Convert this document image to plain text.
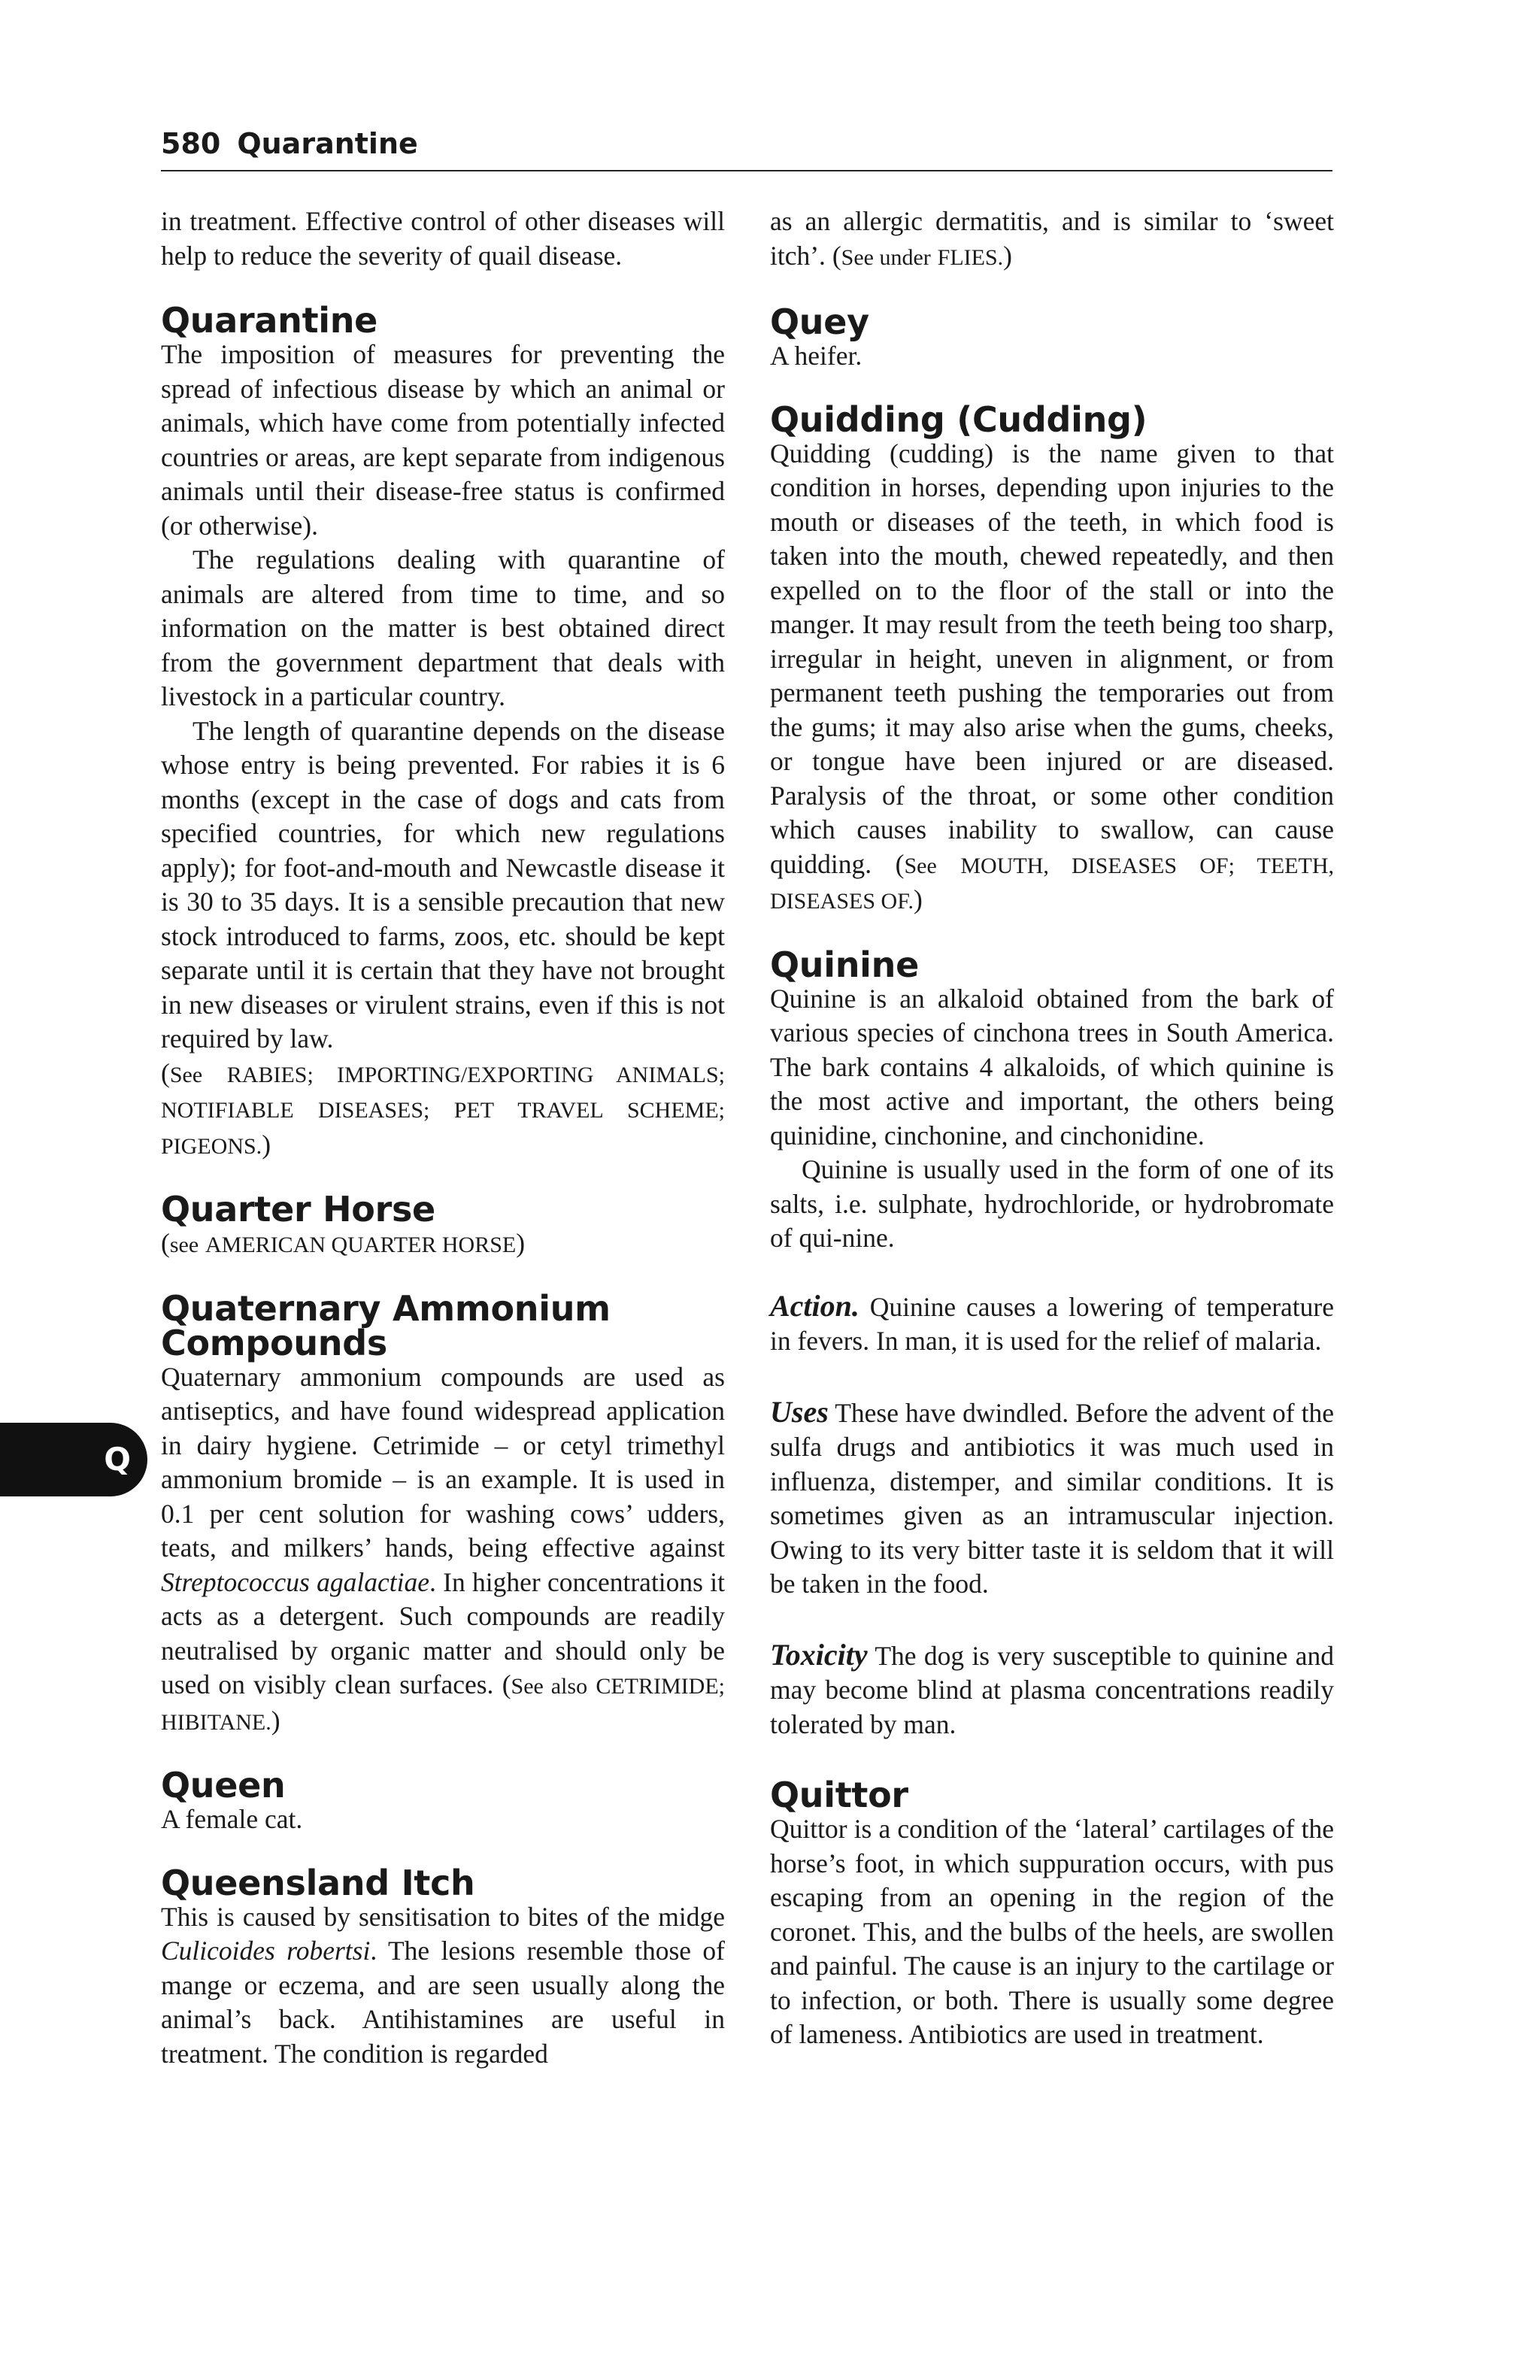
580 Quarantine
Q

in treatment. Effective control of other diseases will help to reduce the severity of quail disease.

Quarantine

The imposition of measures for preventing the spread of infectious disease by which an animal or animals, which have come from potentially infected countries or areas, are kept separate from indigenous animals until their disease-free status is confirmed (or otherwise).

The regulations dealing with quarantine of animals are altered from time to time, and so information on the matter is best obtained direct from the government department that deals with livestock in a particular country.

The length of quarantine depends on the disease whose entry is being prevented. For rabies it is 6 months (except in the case of dogs and cats from specified countries, for which new regulations apply); for foot-and-mouth and Newcastle disease it is 30 to 35 days. It is a sensible precaution that new stock introduced to farms, zoos, etc. should be kept separate until it is certain that they have not brought in new diseases or virulent strains, even if this is not required by law.

(See RABIES; IMPORTING/EXPORTING ANIMALS; NOTIFIABLE DISEASES; PET TRAVEL SCHEME; PIGEONS.)

Quarter Horse

(see AMERICAN QUARTER HORSE)

Quaternary Ammonium Compounds

Quaternary ammonium compounds are used as antiseptics, and have found widespread application in dairy hygiene. Cetrimide – or cetyl trimethyl ammonium bromide – is an example. It is used in 0.1 per cent solution for washing cows’ udders, teats, and milkers’ hands, being effective against Streptococcus agalactiae. In higher concentrations it acts as a detergent. Such compounds are readily neutralised by organic matter and should only be used on visibly clean surfaces. (See also CETRIMIDE; HIBITANE.)

Queen

A female cat.

Queensland Itch

This is caused by sensitisation to bites of the midge Culicoides robertsi. The lesions resemble those of mange or eczema, and are seen usually along the animal’s back. Antihistamines are useful in treatment. The condition is regarded

as an allergic dermatitis, and is similar to ‘sweet itch’. (See under FLIES.)

Quey

A heifer.

Quidding (Cudding)

Quidding (cudding) is the name given to that condition in horses, depending upon injuries to the mouth or diseases of the teeth, in which food is taken into the mouth, chewed repeatedly, and then expelled on to the floor of the stall or into the manger. It may result from the teeth being too sharp, irregular in height, uneven in alignment, or from permanent teeth pushing the temporaries out from the gums; it may also arise when the gums, cheeks, or tongue have been injured or are diseased. Paralysis of the throat, or some other condition which causes inability to swallow, can cause quidding. (See MOUTH, DISEASES OF; TEETH, DISEASES OF.)

Quinine

Quinine is an alkaloid obtained from the bark of various species of cinchona trees in South America. The bark contains 4 alkaloids, of which quinine is the most active and important, the others being quinidine, cinchonine, and cinchonidine.

Quinine is usually used in the form of one of its salts, i.e. sulphate, hydrochloride, or hydrobromate of qui-nine.

Action. Quinine causes a lowering of temperature in fevers. In man, it is used for the relief of malaria.

Uses These have dwindled. Before the advent of the sulfa drugs and antibiotics it was much used in influenza, distemper, and similar conditions. It is sometimes given as an intramuscular injection. Owing to its very bitter taste it is seldom that it will be taken in the food.

Toxicity The dog is very susceptible to quinine and may become blind at plasma concentrations readily tolerated by man.

Quittor

Quittor is a condition of the ‘lateral’ cartilages of the horse’s foot, in which suppuration occurs, with pus escaping from an opening in the region of the coronet. This, and the bulbs of the heels, are swollen and painful. The cause is an injury to the cartilage or to infection, or both. There is usually some degree of lameness. Antibiotics are used in treatment.
